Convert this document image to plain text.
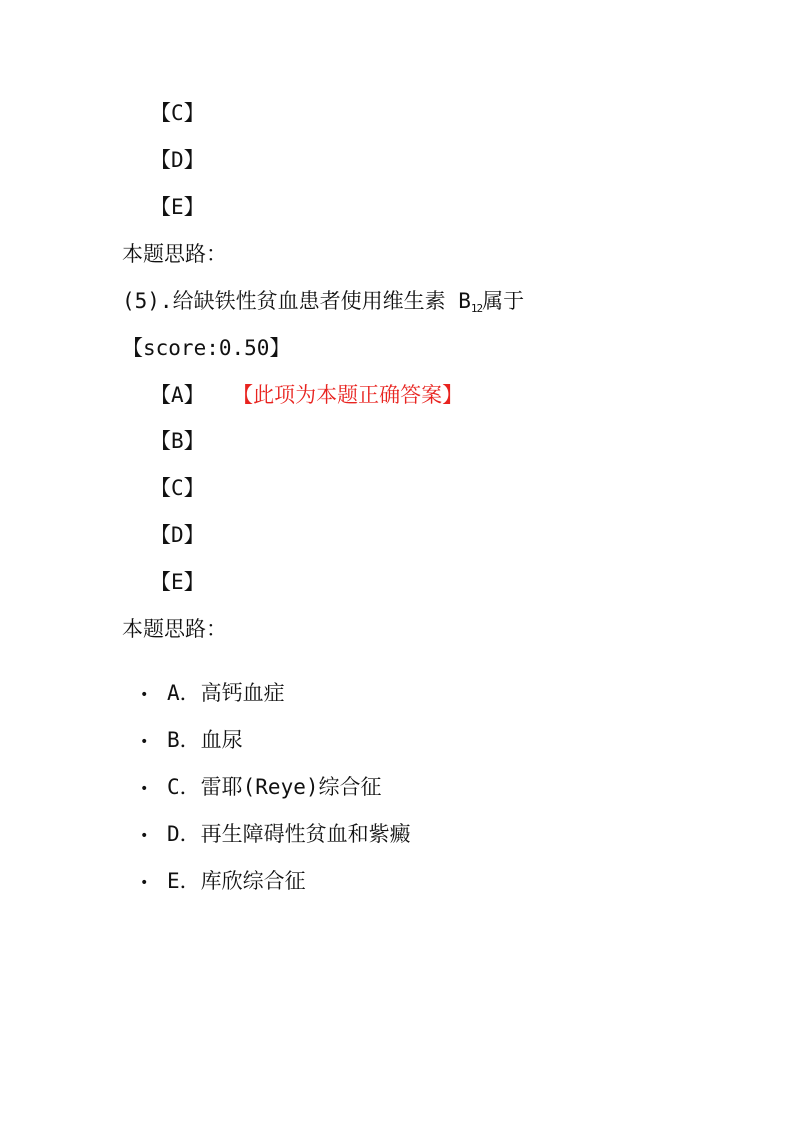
【C】
【D】
【E】
本题思路：
(5).给缺铁性贫血患者使用维生素 $B_{12}$属于
【score:0.50】
【A】 【此项为本题正确答案】
【B】
【C】
【D】
【E】
本题思路：
• A．高钙血症
• B．血尿
• C．雷耶(Reye)综合征
• D．再生障碍性贫血和紫癜
• E．库欣综合征
